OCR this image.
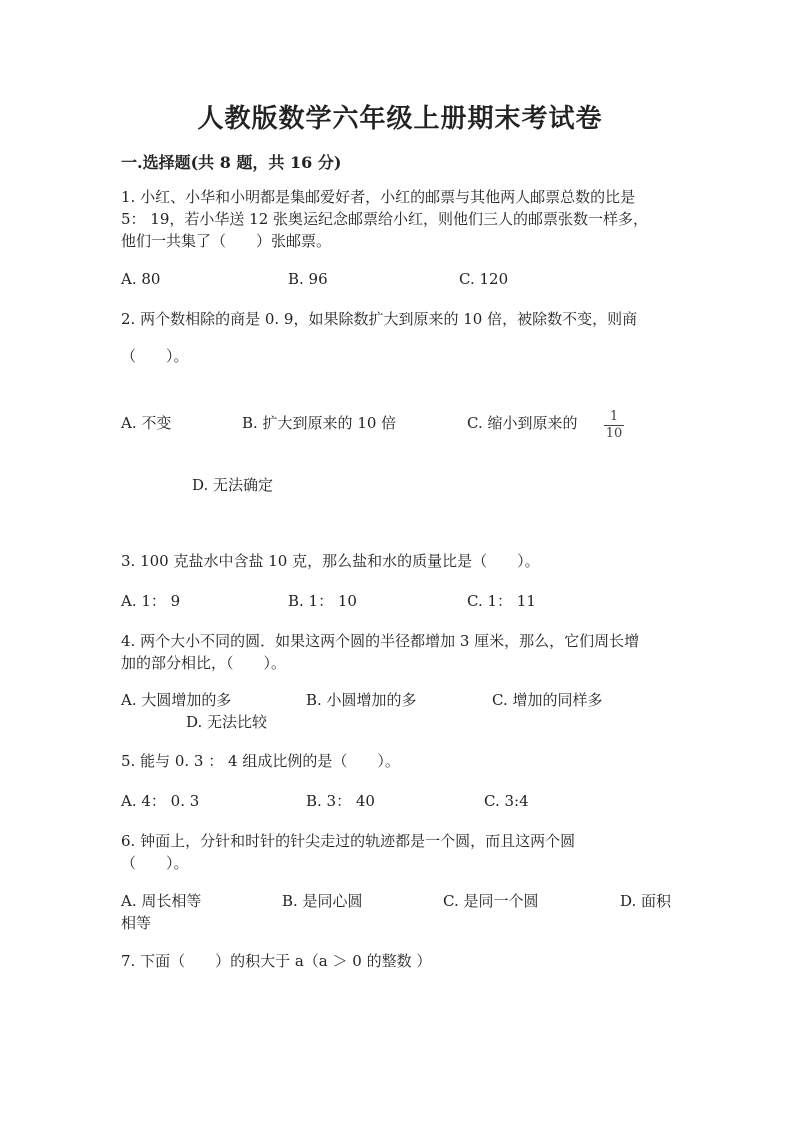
人教版数学六年级上册期末考试卷
一.选择题(共 8 题，共 16 分)
1. 小红、小华和小明都是集邮爱好者，小红的邮票与其他两人邮票总数的比是
5： 19，若小华送 12 张奥运纪念邮票给小红，则他们三人的邮票张数一样多，
他们一共集了（　　）张邮票。
A. 80	B. 96	C. 120
2. 两个数相除的商是 0. 9，如果除数扩大到原来的 10 倍，被除数不变，则商
（　　）。
A. 不变	B. 扩大到原来的 10 倍	C. 缩小到原来的 $\frac{1}{10}$
D. 无法确定
3. 100 克盐水中含盐 10 克，那么盐和水的质量比是（　　）。
A. 1： 9	B. 1： 10	C. 1： 11
4. 两个大小不同的圆．如果这两个圆的半径都增加 3 厘米，那么，它们周长增
加的部分相比，（　　）。
A. 大圆增加的多	B. 小圆增加的多	C. 增加的同样多
D. 无法比较
5. 能与 0. 3 ： 4 组成比例的是（　　）。
A. 4： 0. 3	B. 3： 40	C. 3:4
6. 钟面上，分针和时针的针尖走过的轨迹都是一个圆，而且这两个圆
（　　）。
A. 周长相等	B. 是同心圆	C. 是同一个圆	D. 面积
相等
7. 下面（　　）的积大于 a（a ＞ 0 的整数 ）
